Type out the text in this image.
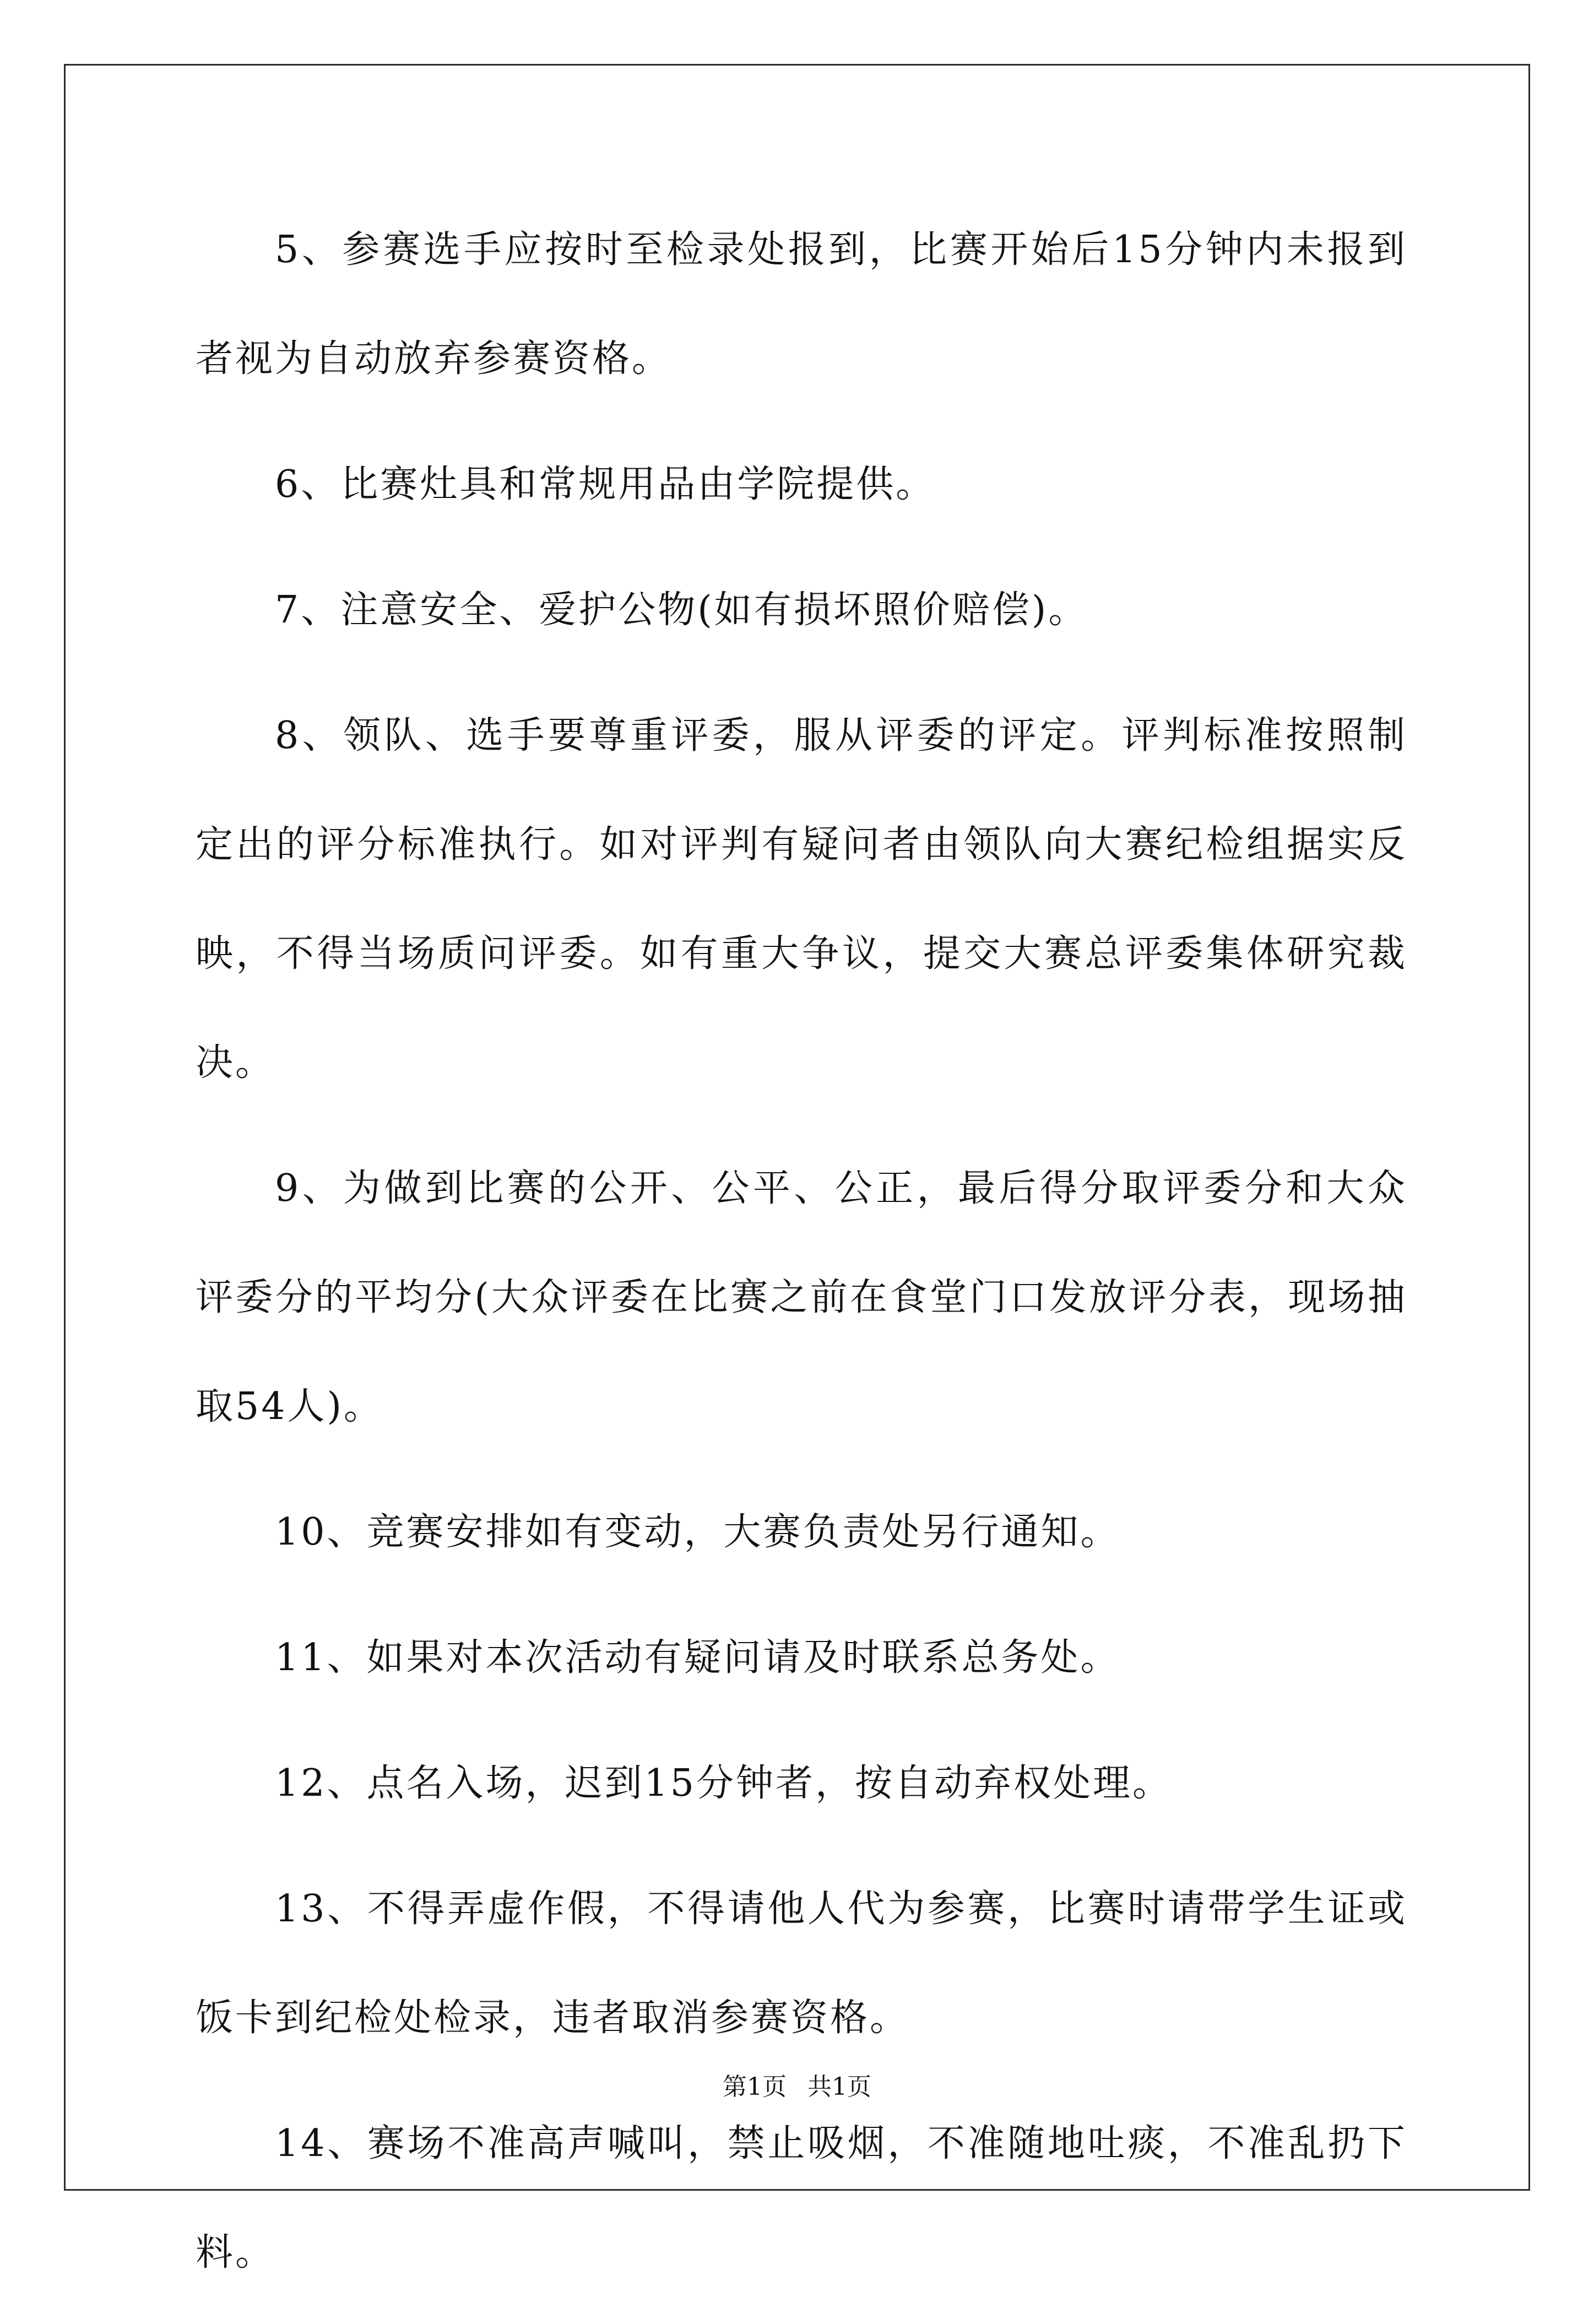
5、参赛选手应按时至检录处报到，比赛开始后15分钟内未报到者视为自动放弃参赛资格。

6、比赛灶具和常规用品由学院提供。

7、注意安全、爱护公物(如有损坏照价赔偿)。

8、领队、选手要尊重评委，服从评委的评定。评判标准按照制定出的评分标准执行。如对评判有疑问者由领队向大赛纪检组据实反映，不得当场质问评委。如有重大争议，提交大赛总评委集体研究裁决。

9、为做到比赛的公开、公平、公正，最后得分取评委分和大众评委分的平均分(大众评委在比赛之前在食堂门口发放评分表，现场抽取54人)。

10、竞赛安排如有变动，大赛负责处另行通知。

11、如果对本次活动有疑问请及时联系总务处。

12、点名入场，迟到15分钟者，按自动弃权处理。

13、不得弄虚作假，不得请他人代为参赛，比赛时请带学生证或饭卡到纪检处检录，违者取消参赛资格。

14、赛场不准高声喊叫，禁止吸烟，不准随地吐痰，不准乱扔下料。

第1页 共1页
